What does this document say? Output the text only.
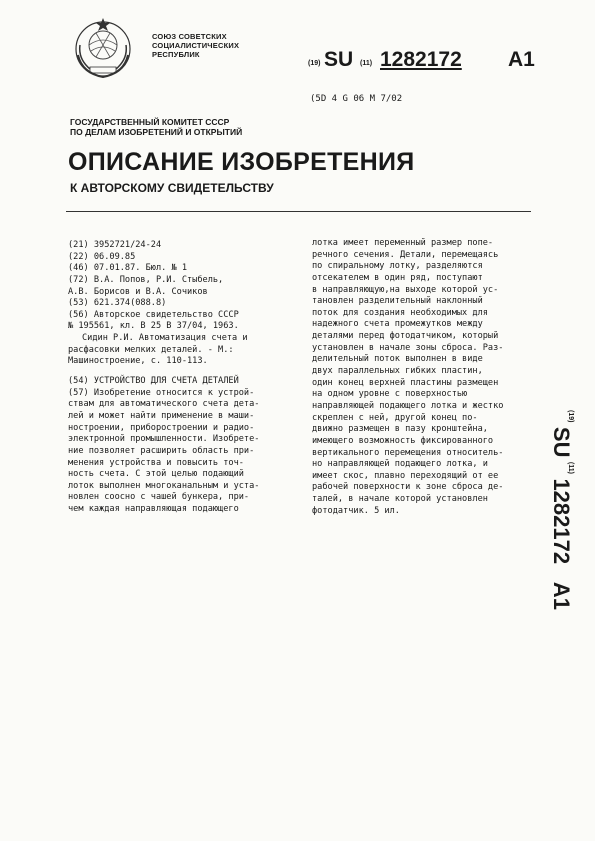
СОЮЗ СОВЕТСКИХ
СОЦИАЛИСТИЧЕСКИХ
РЕСПУБЛИК
(19) SU (11) 1282172 A1
(5D 4 G 06 M 7/02
ГОСУДАРСТВЕННЫЙ КОМИТЕТ СССР
ПО ДЕЛАМ ИЗОБРЕТЕНИЙ И ОТКРЫТИЙ
ОПИСАНИЕ ИЗОБРЕТЕНИЯ
К АВТОРСКОМУ СВИДЕТЕЛЬСТВУ
$^{(19)}$ SU $^{(11)}$ 1282172    A1
(21) 3952721/24-24
(22) 06.09.85
(46) 07.01.87. Бюл. № 1
(72) В.А. Попов, Р.И. Стыбель,
А.В. Борисов и В.А. Сочиков
(53) 621.374(088.8)
(56) Авторское свидетельство СССР
№ 195561, кл. В 25 В 37/04, 1963.
Сидин Р.И. Автоматизация счета и
расфасовки мелких деталей. - М.:
Машиностроение, с. 110-113.
(54) УСТРОЙСТВО ДЛЯ СЧЕТА ДЕТАЛЕЙ
(57) Изобретение относится к устрой-
ствам для автоматического счета дета-
лей и может найти применение в маши-
ностроении, приборостроении и радио-
электронной промышленности. Изобрете-
ние позволяет расширить область при-
менения устройства и повысить точ-
ность счета. С этой целью подающий
лоток выполнен многоканальным и уста-
новлен соосно с чашей бункера, при-
чем каждая направляющая подающего
лотка имеет переменный размер попе-
речного сечения. Детали, перемещаясь
по спиральному лотку, разделяются
отсекателем в один ряд, поступают
в направляющую,на выходе которой ус-
тановлен разделительный наклонный
поток для создания необходимых для
надежного счета промежутков между
деталями перед фотодатчиком, который
установлен в начале зоны сброса. Раз-
делительный поток выполнен в виде
двух параллельных гибких пластин,
один конец верхней пластины размещен
на одном уровне с поверхностью
направляющей подающего лотка и жестко
скреплен с ней, другой конец по-
движно размещен в пазу кронштейна,
имеющего возможность фиксированного
вертикального перемещения относитель-
но направляющей подающего лотка, и
имеет скос, плавно переходящий от ее
рабочей поверхности к зоне сброса де-
талей, в начале которой установлен
фотодатчик. 5 ил.
